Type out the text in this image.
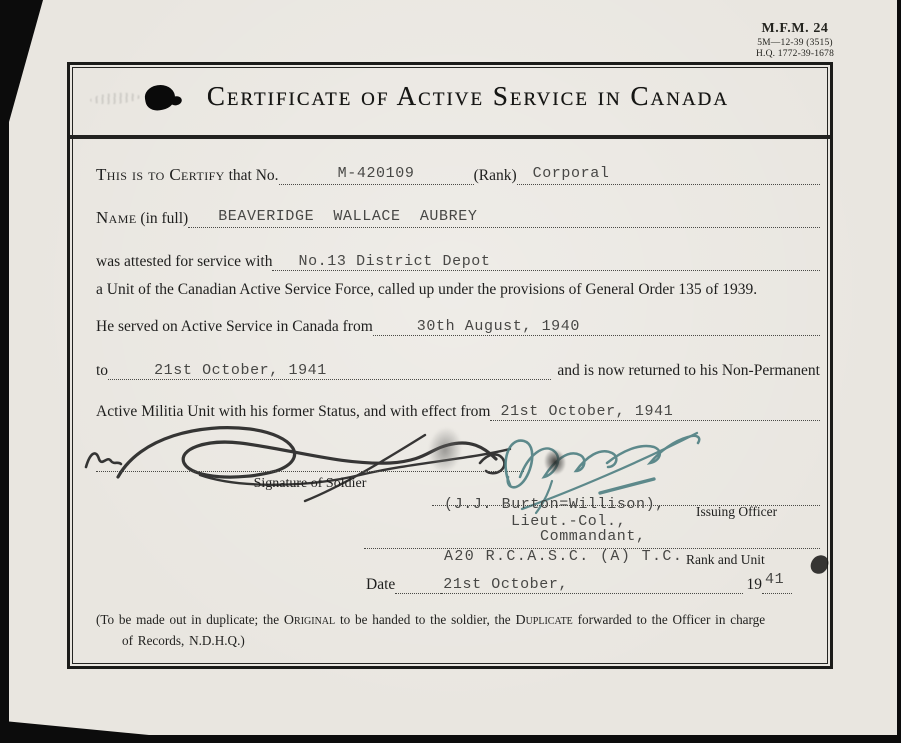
M.F.M. 24
5M—12-39 (3515)
H.Q. 1772-39-1678
Certificate of Active Service in Canada
This is to Certify
that No.	M-420109	(Rank) Corporal
Name
(in full) BEAVERIDGE  WALLACE  AUBREY
was attested for service with No.13 District Depot
a Unit of the Canadian Active Service Force, called up under the provisions of General Order 135 of 1939.
He served on Active Service in Canada from	30th August, 1940
to	21st October, 1941	and is now returned to his Non-Permanent
Active Militia Unit with his former Status, and with effect from 21st October, 1941
Signature of Soldier
(J.J. Burton=Willison), Issuing Officer
Lieut.-Col.,
Commandant,
A20 R.C.A.S.C. (A) T.C. Rank and Unit
Date	21st October,	19 41
(To be made out in duplicate; the Original to be handed to the soldier, the Duplicate forwarded to the Officer in charge
of Records, N.D.H.Q.)
